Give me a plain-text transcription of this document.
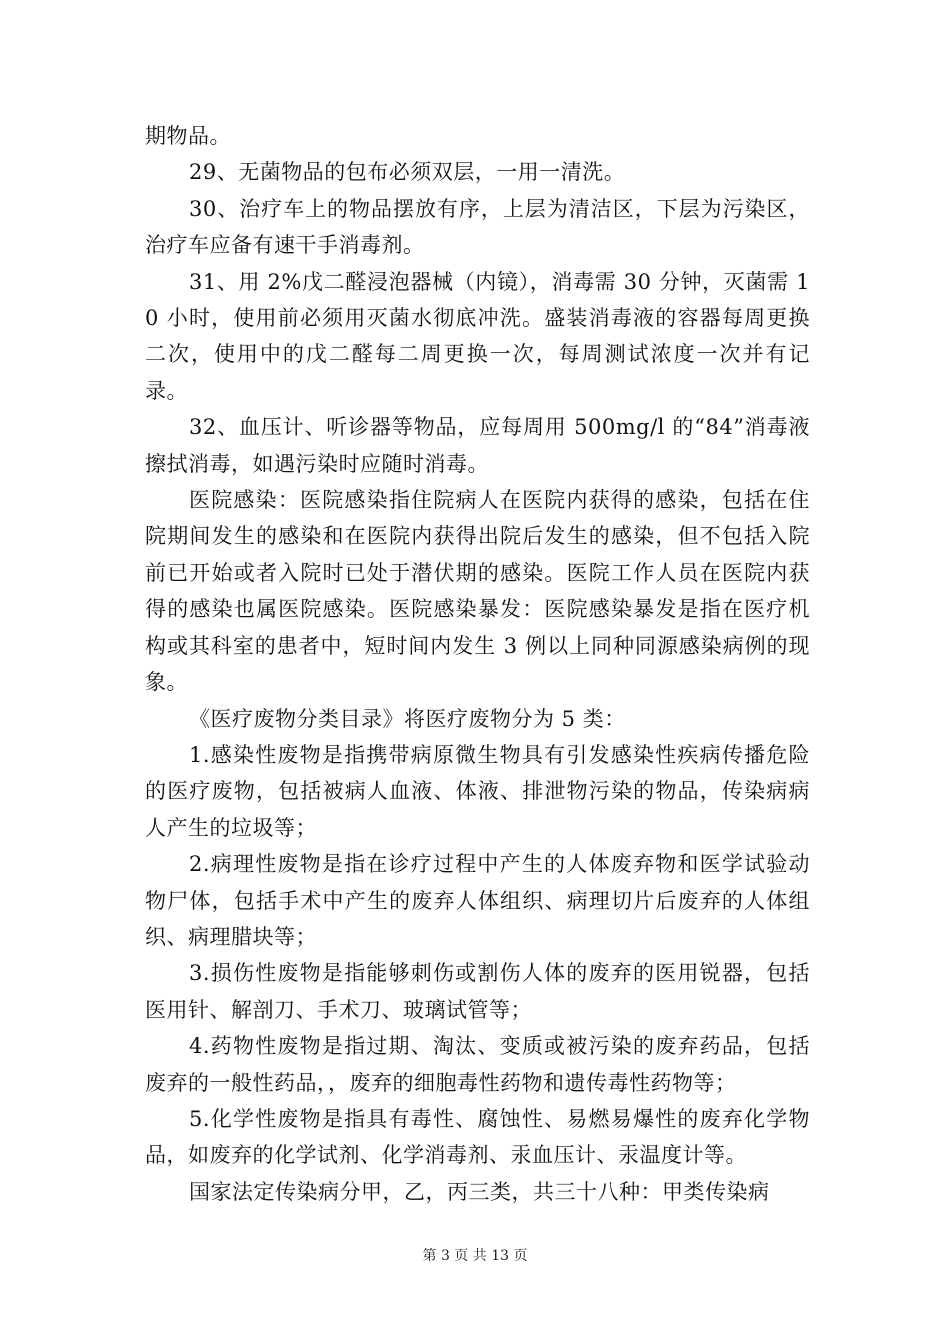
期物品。

29、无菌物品的包布必须双层，一用一清洗。

30、治疗车上的物品摆放有序，上层为清洁区，下层为污染区，治疗车应备有速干手消毒剂。

31、用 2%戊二醛浸泡器械（内镜），消毒需 30 分钟，灭菌需 10 小时，使用前必须用灭菌水彻底冲洗。盛装消毒液的容器每周更换二次，使用中的戊二醛每二周更换一次，每周测试浓度一次并有记录。

32、血压计、听诊器等物品，应每周用 500mg/l 的“84”消毒液擦拭消毒，如遇污染时应随时消毒。

医院感染：医院感染指住院病人在医院内获得的感染，包括在住院期间发生的感染和在医院内获得出院后发生的感染，但不包括入院前已开始或者入院时已处于潜伏期的感染。医院工作人员在医院内获得的感染也属医院感染。医院感染暴发：医院感染暴发是指在医疗机构或其科室的患者中，短时间内发生 3 例以上同种同源感染病例的现象。

《医疗废物分类目录》将医疗废物分为 5 类：

1.感染性废物是指携带病原微生物具有引发感染性疾病传播危险的医疗废物，包括被病人血液、体液、排泄物污染的物品，传染病病人产生的垃圾等；

2.病理性废物是指在诊疗过程中产生的人体废弃物和医学试验动物尸体，包括手术中产生的废弃人体组织、病理切片后废弃的人体组织、病理腊块等；

3.损伤性废物是指能够刺伤或割伤人体的废弃的医用锐器，包括医用针、解剖刀、手术刀、玻璃试管等；

4.药物性废物是指过期、淘汰、变质或被污染的废弃药品，包括废弃的一般性药品，，废弃的细胞毒性药物和遗传毒性药物等；

5.化学性废物是指具有毒性、腐蚀性、易燃易爆性的废弃化学物品，如废弃的化学试剂、化学消毒剂、汞血压计、汞温度计等。

国家法定传染病分甲，乙，丙三类，共三十八种：甲类传染病

第 3 页 共 13 页
